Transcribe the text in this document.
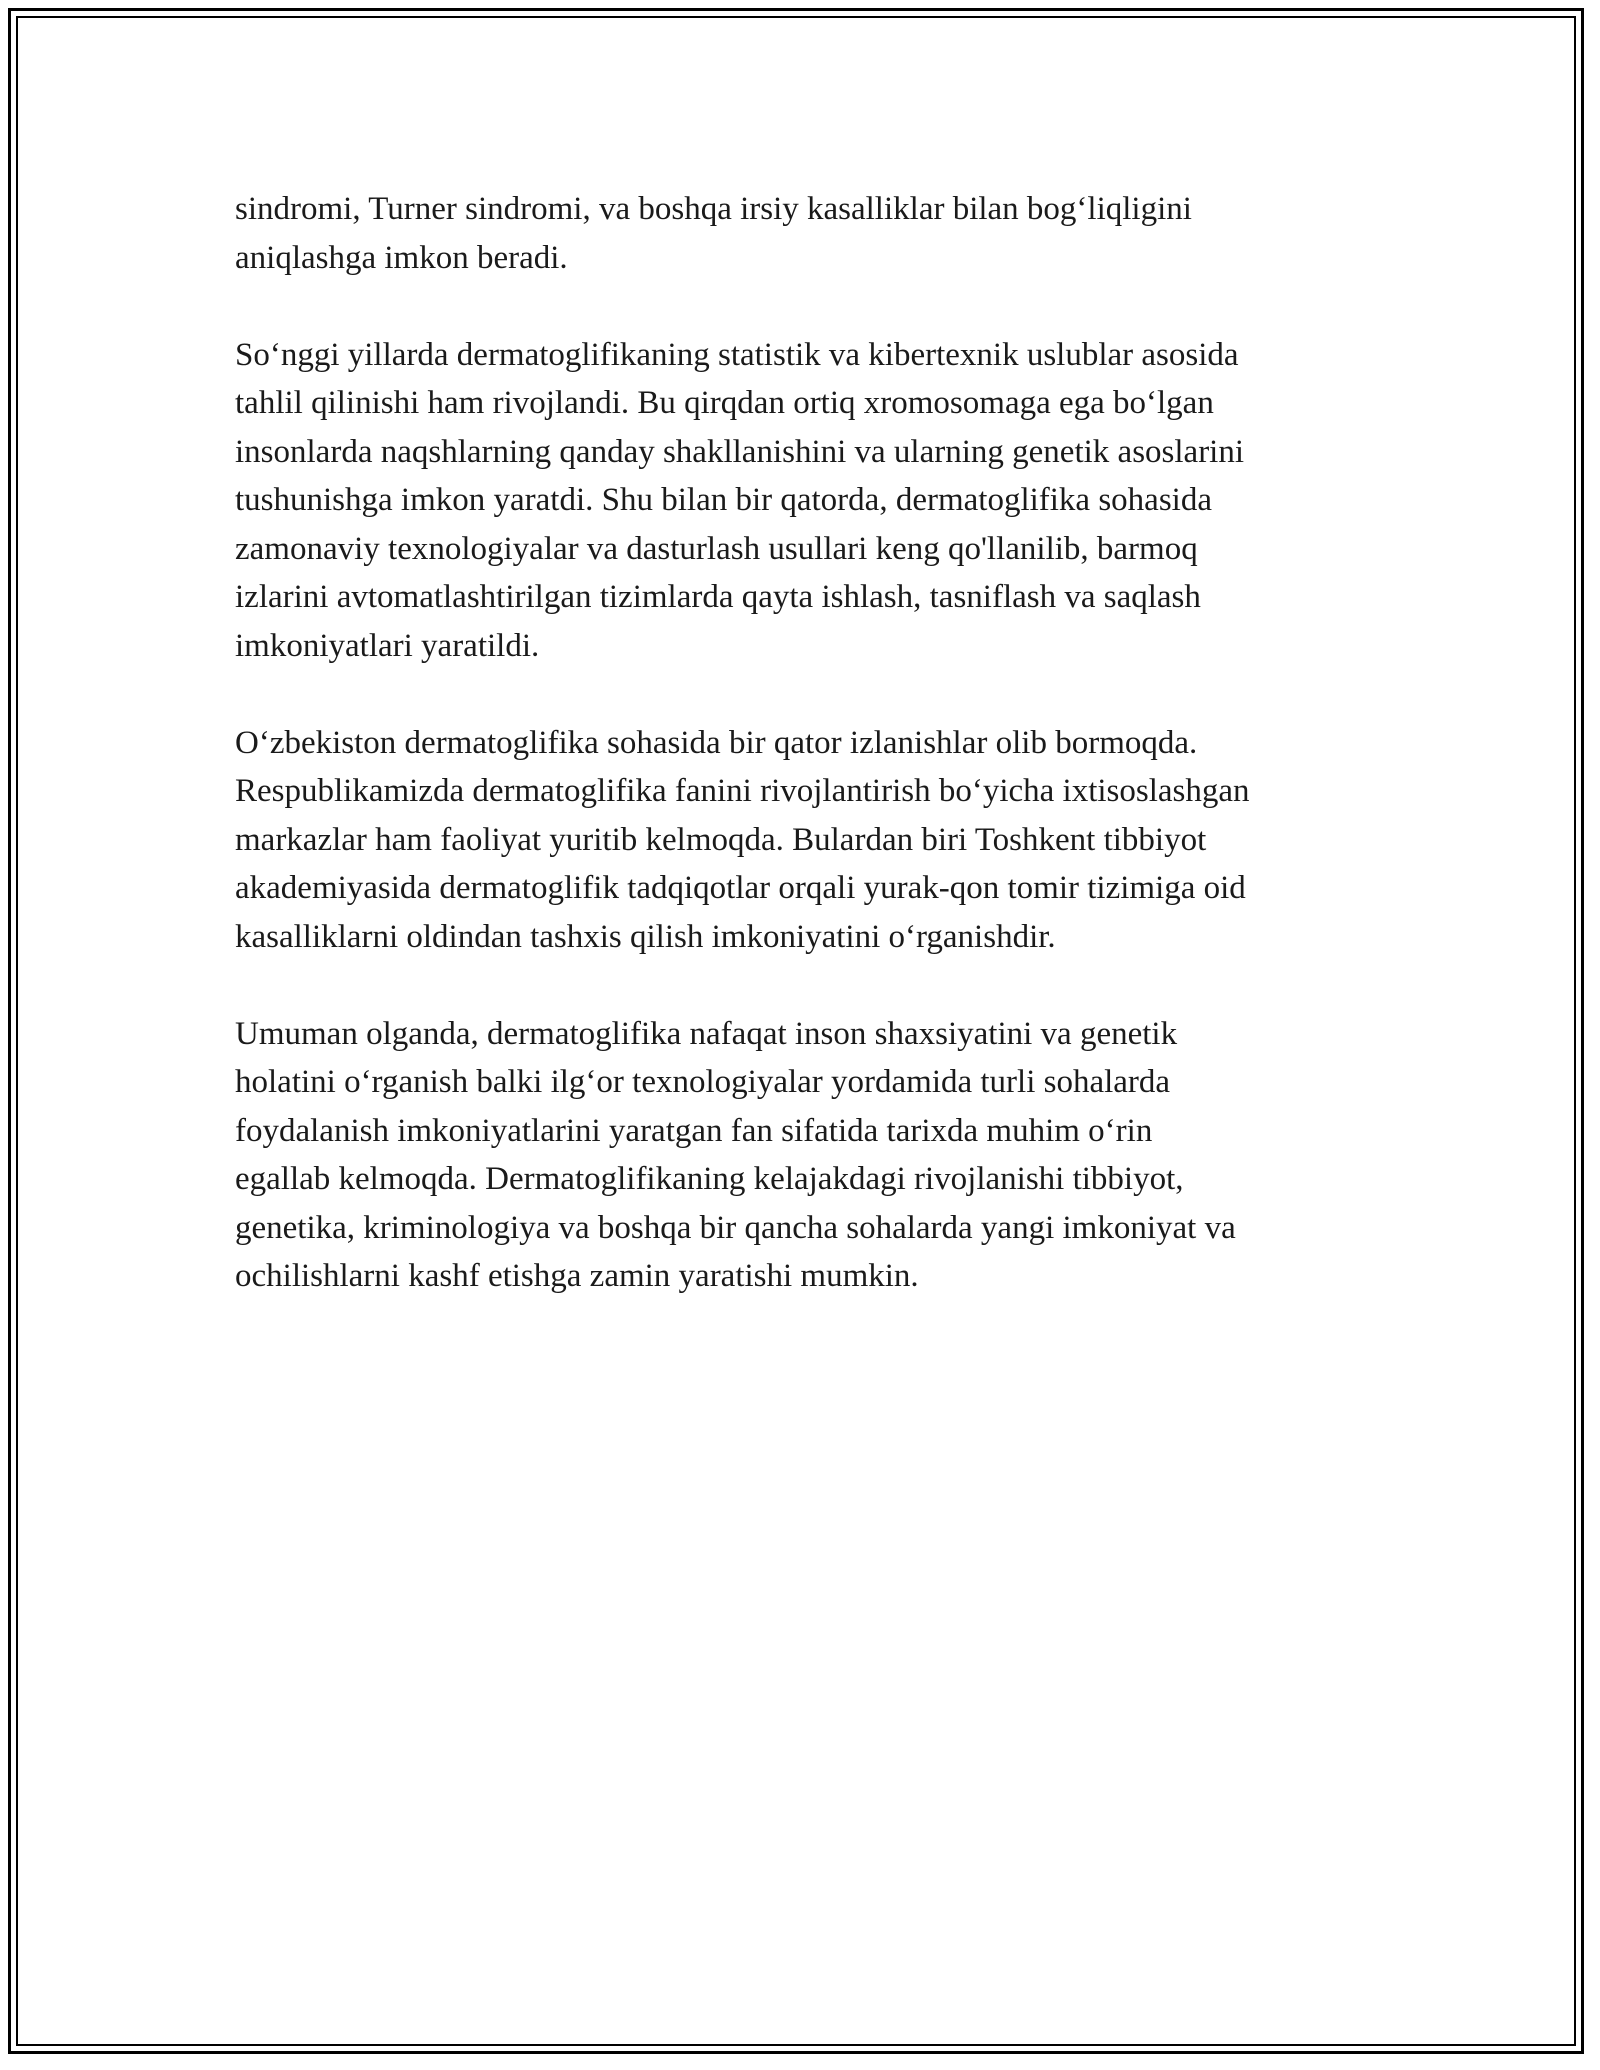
sindromi, Turner sindromi, va boshqa irsiy kasalliklar bilan bog‘liqligini
aniqlashga imkon beradi.

So‘nggi yillarda dermatoglifikaning statistik va kibertexnik uslublar asosida
tahlil qilinishi ham rivojlandi. Bu qirqdan ortiq xromosomaga ega bo‘lgan
insonlarda naqshlarning qanday shakllanishini va ularning genetik asoslarini
tushunishga imkon yaratdi. Shu bilan bir qatorda, dermatoglifika sohasida
zamonaviy texnologiyalar va dasturlash usullari keng qo'llanilib, barmoq
izlarini avtomatlashtirilgan tizimlarda qayta ishlash, tasniflash va saqlash
imkoniyatlari yaratildi.

O‘zbekiston dermatoglifika sohasida bir qator izlanishlar olib bormoqda.
Respublikamizda dermatoglifika fanini rivojlantirish bo‘yicha ixtisoslashgan
markazlar ham faoliyat yuritib kelmoqda. Bulardan biri Toshkent tibbiyot
akademiyasida dermatoglifik tadqiqotlar orqali yurak-qon tomir tizimiga oid
kasalliklarni oldindan tashxis qilish imkoniyatini o‘rganishdir.

Umuman olganda, dermatoglifika nafaqat inson shaxsiyatini va genetik
holatini o‘rganish balki ilg‘or texnologiyalar yordamida turli sohalarda
foydalanish imkoniyatlarini yaratgan fan sifatida tarixda muhim o‘rin
egallab kelmoqda. Dermatoglifikaning kelajakdagi rivojlanishi tibbiyot,
genetika, kriminologiya va boshqa bir qancha sohalarda yangi imkoniyat va
ochilishlarni kashf etishga zamin yaratishi mumkin.
